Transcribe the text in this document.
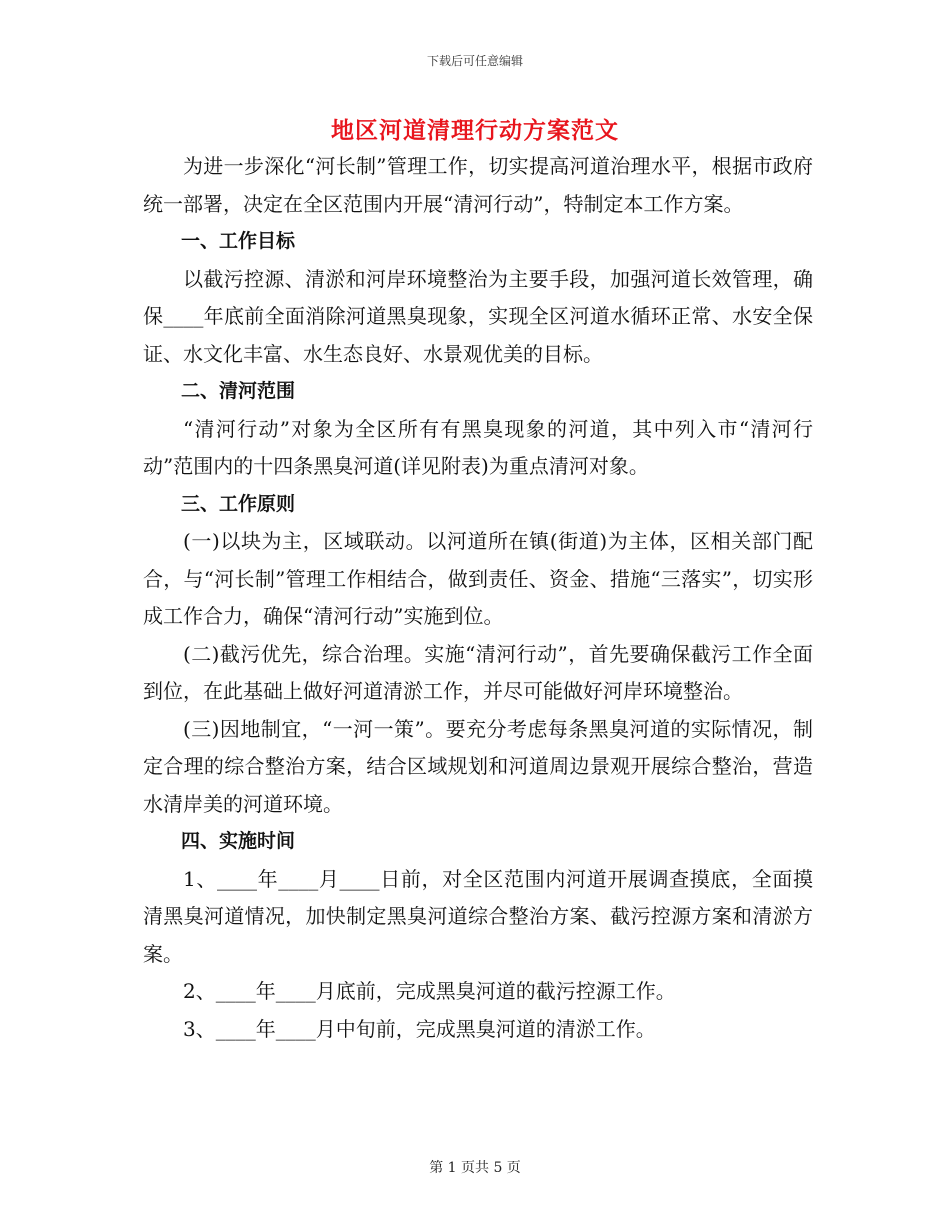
下载后可任意编辑
地区河道清理行动方案范文

为进一步深化“河长制”管理工作，切实提高河道治理水平，根据市政府统一部署，决定在全区范围内开展“清河行动”，特制定本工作方案。

一、工作目标

以截污控源、清淤和河岸环境整治为主要手段，加强河道长效管理，确保____年底前全面消除河道黑臭现象，实现全区河道水循环正常、水安全保证、水文化丰富、水生态良好、水景观优美的目标。

二、清河范围

“清河行动”对象为全区所有有黑臭现象的河道，其中列入市“清河行动”范围内的十四条黑臭河道(详见附表)为重点清河对象。

三、工作原则

(一)以块为主，区域联动。以河道所在镇(街道)为主体，区相关部门配合，与“河长制”管理工作相结合，做到责任、资金、措施“三落实”，切实形成工作合力，确保“清河行动”实施到位。

(二)截污优先，综合治理。实施“清河行动”，首先要确保截污工作全面到位，在此基础上做好河道清淤工作，并尽可能做好河岸环境整治。

(三)因地制宜，“一河一策”。要充分考虑每条黑臭河道的实际情况，制定合理的综合整治方案，结合区域规划和河道周边景观开展综合整治，营造水清岸美的河道环境。

四、实施时间

1、____年____月____日前，对全区范围内河道开展调查摸底，全面摸清黑臭河道情况，加快制定黑臭河道综合整治方案、截污控源方案和清淤方案。

2、____年____月底前，完成黑臭河道的截污控源工作。

3、____年____月中旬前，完成黑臭河道的清淤工作。

第 1 页共 5 页
